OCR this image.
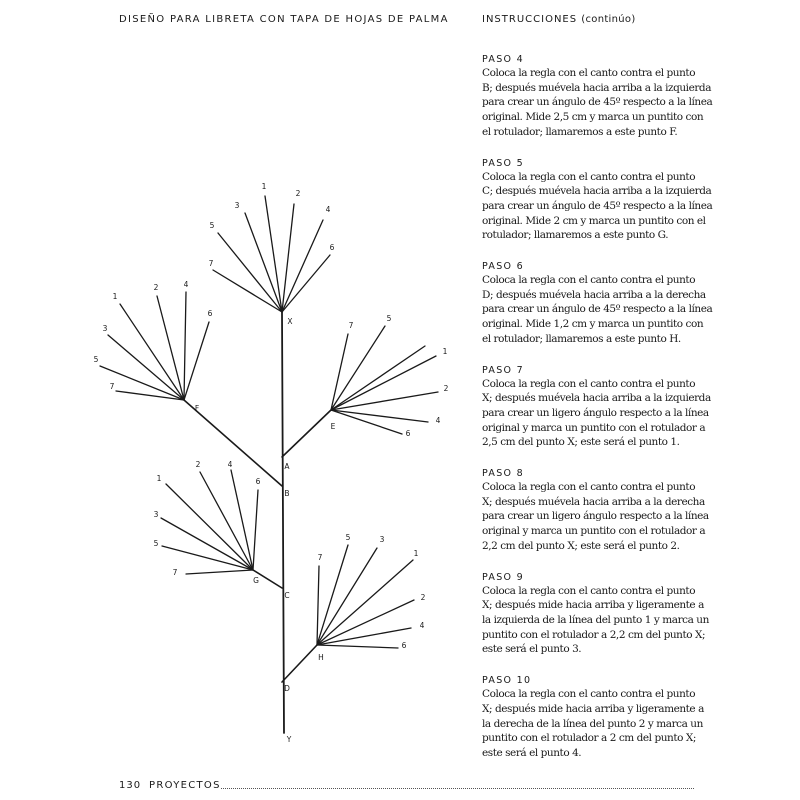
DISEÑO PARA LIBRETA CON TAPA DE HOJAS DE PALMA	INSTRUCCIONES (continúo)
1
2
3	4
5
6
7
1
2	4
3
6
5
7
7
5
1
2
4
6
1
2	4
3
6
5
7
7
5	3
1
2
4
6
A
B
C
D
E
F
G
H
X
Y

PASO 4

Coloca la regla con el canto contra el punto
B; después muévela hacia arriba a la izquierda
para crear un ángulo de 45º respecto a la línea
original. Mide 2,5 cm y marca un puntito con
el rotulador; llamaremos a este punto F.

PASO 5

Coloca la regla con el canto contra el punto
C; después muévela hacia arriba a la izquierda
para crear un ángulo de 45º respecto a la línea
original. Mide 2 cm y marca un puntito con el
rotulador; llamaremos a este punto G.

PASO 6

Coloca la regla con el canto contra el punto
D; después muévela hacia arriba a la derecha
para crear un ángulo de 45º respecto a la línea
original. Mide 1,2 cm y marca un puntito con
el rotulador; llamaremos a este punto H.

PASO 7

Coloca la regla con el canto contra el punto
X; después muévela hacia arriba a la izquierda
para crear un ligero ángulo respecto a la línea
original y marca un puntito con el rotulador a
2,5 cm del punto X; este será el punto 1.

PASO 8

Coloca la regla con el canto contra el punto
X; después muévela hacia arriba a la derecha
para crear un ligero ángulo respecto a la línea
original y marca un puntito con el rotulador a
2,2 cm del punto X; este será el punto 2.

PASO 9

Coloca la regla con el canto contra el punto
X; después mide hacia arriba y ligeramente a
la izquierda de la línea del punto 1 y marca un
puntito con el rotulador a 2,2 cm del punto X;
este será el punto 3.

PASO 10

Coloca la regla con el canto contra el punto
X; después mide hacia arriba y ligeramente a
la derecha de la línea del punto 2 y marca un
puntito con el rotulador a 2 cm del punto X;
este será el punto 4.

130 PROYECTOS
